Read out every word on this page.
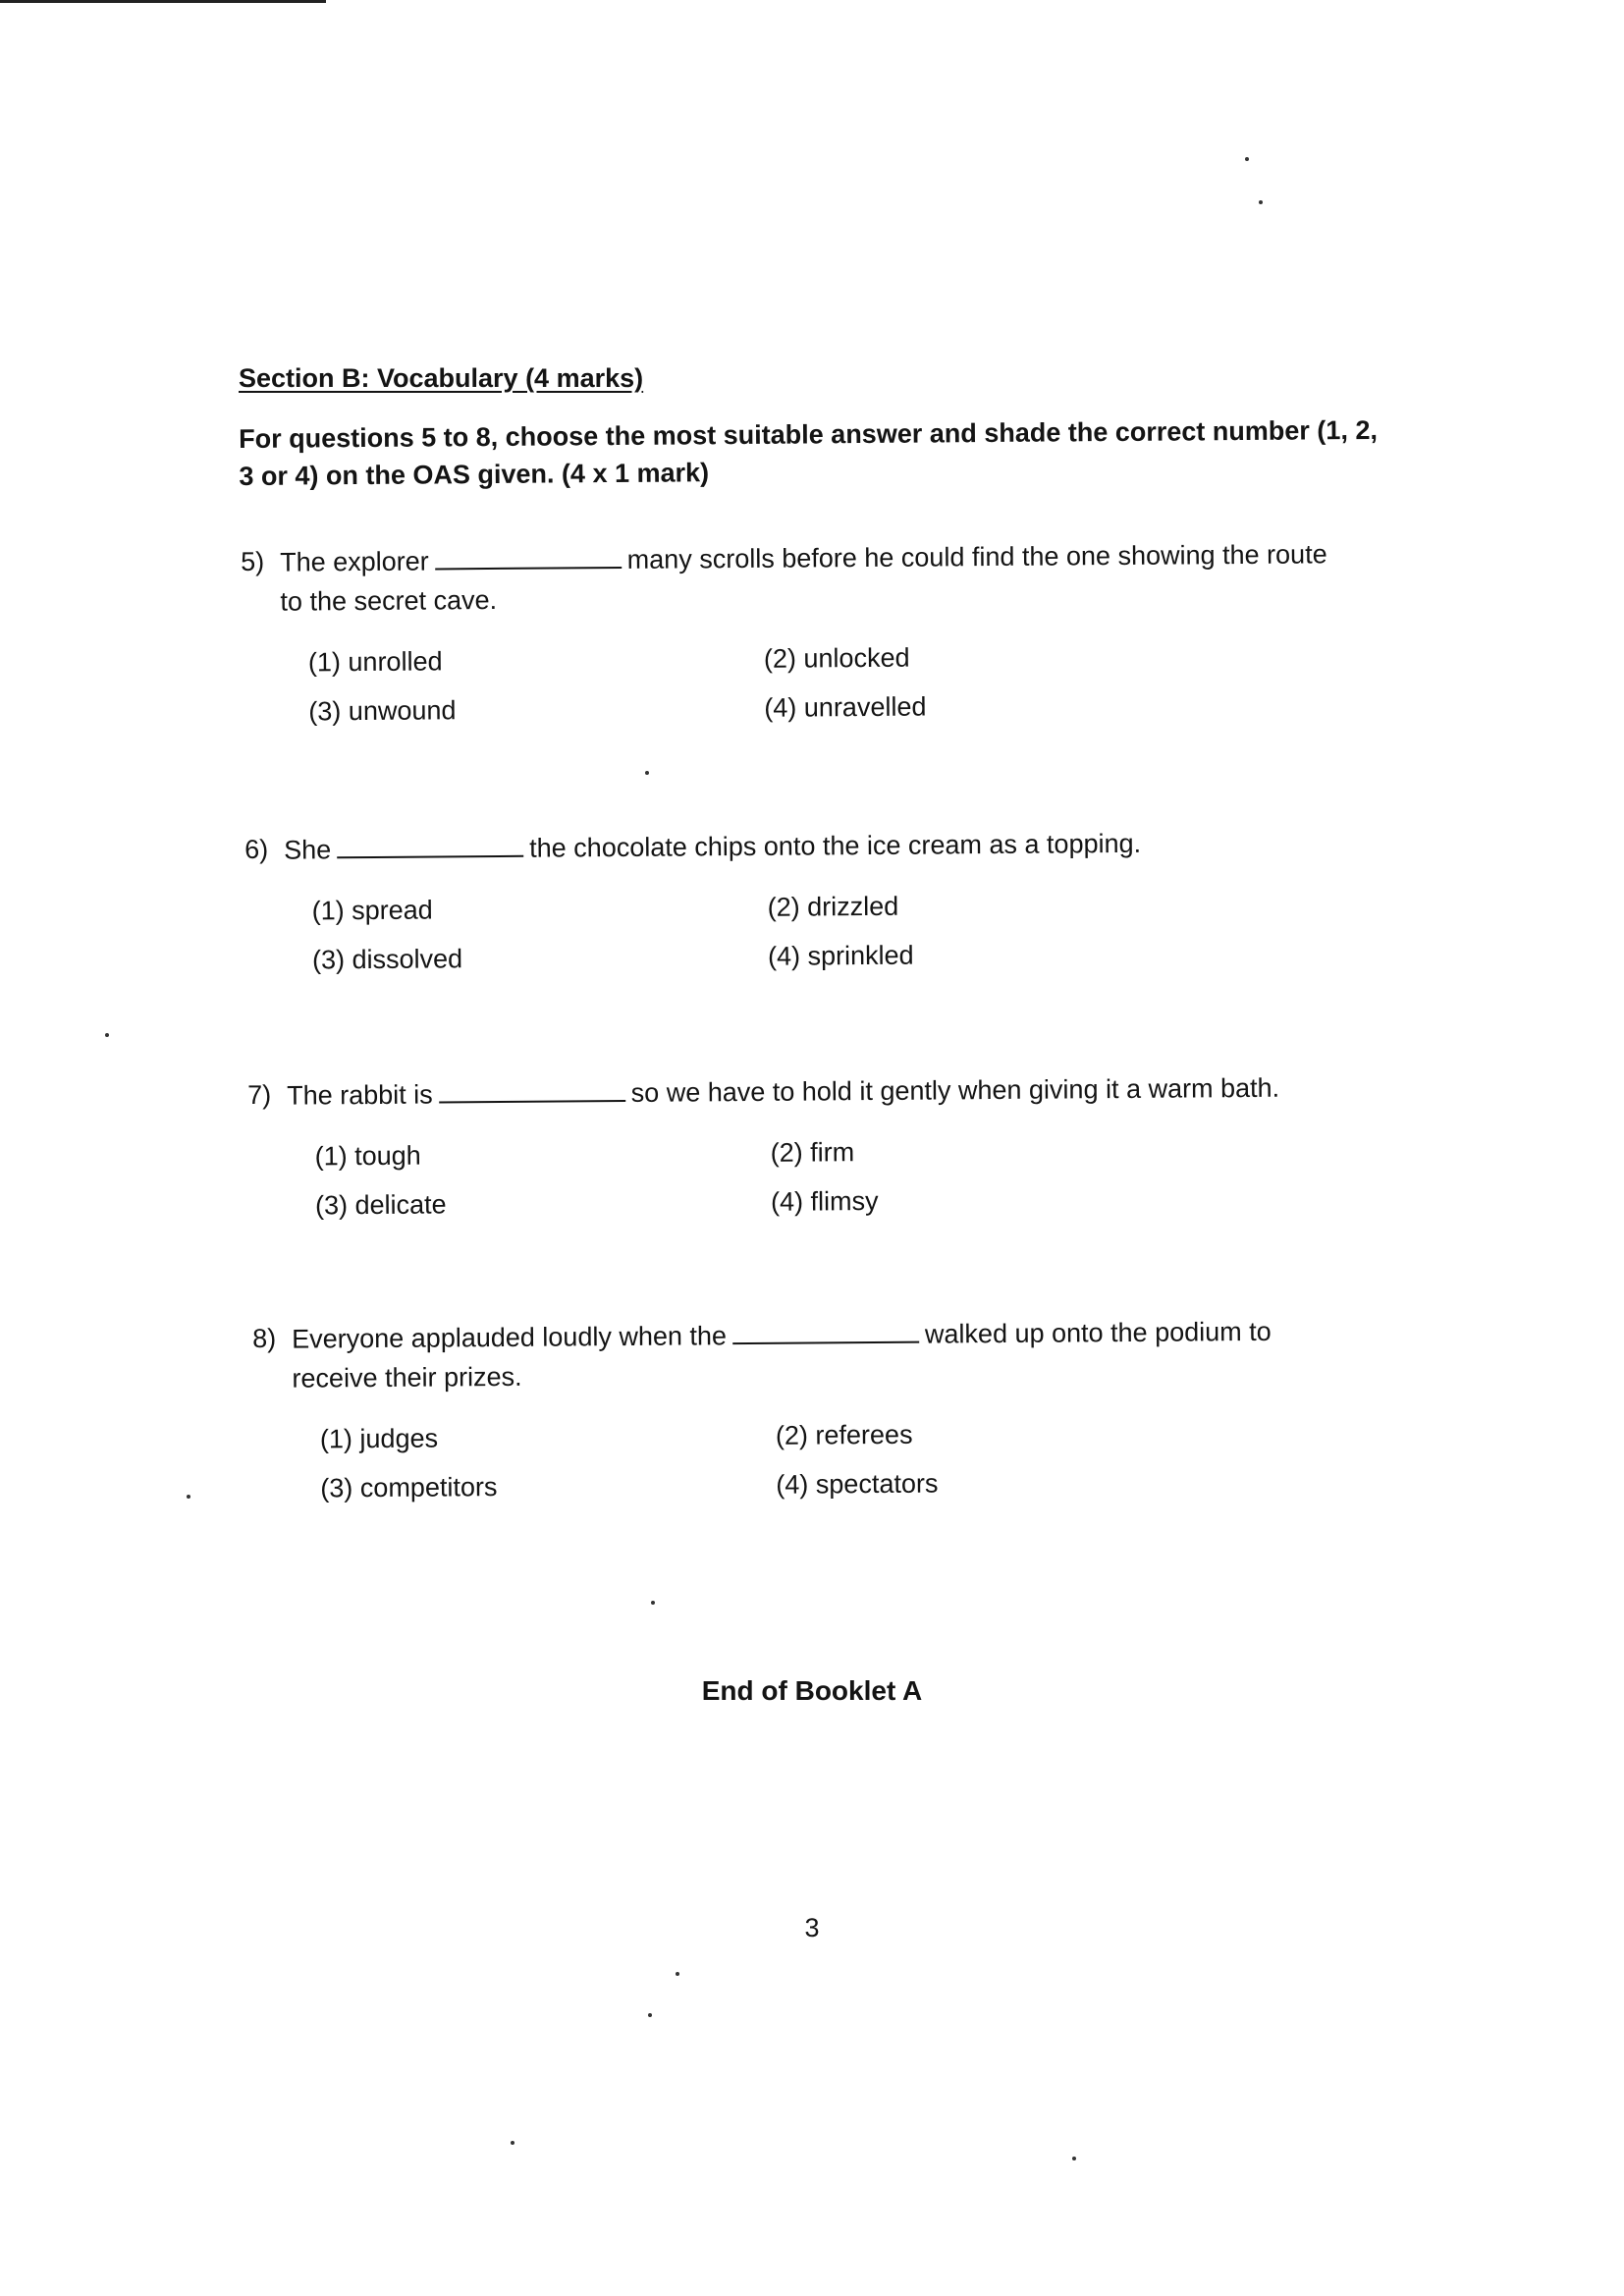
Section B: Vocabulary (4 marks)
For questions 5 to 8, choose the most suitable answer and shade the correct number (1, 2, 3 or 4) on the OAS given. (4 x 1 mark)
5) The explorer	many scrolls before he could find the one showing the route
to the secret cave.
(1) unrolled	(2) unlocked
(3) unwound	(4) unravelled
6) She	the chocolate chips onto the ice cream as a topping.
(1) spread	(2) drizzled
(3) dissolved	(4) sprinkled
7) The rabbit is	so we have to hold it gently when giving it a warm bath.
(1) tough	(2) firm
(3) delicate	(4) flimsy
8) Everyone applauded loudly when the	walked up onto the podium to
receive their prizes.
(1) judges	(2) referees
(3) competitors	(4) spectators
End of Booklet A
3
